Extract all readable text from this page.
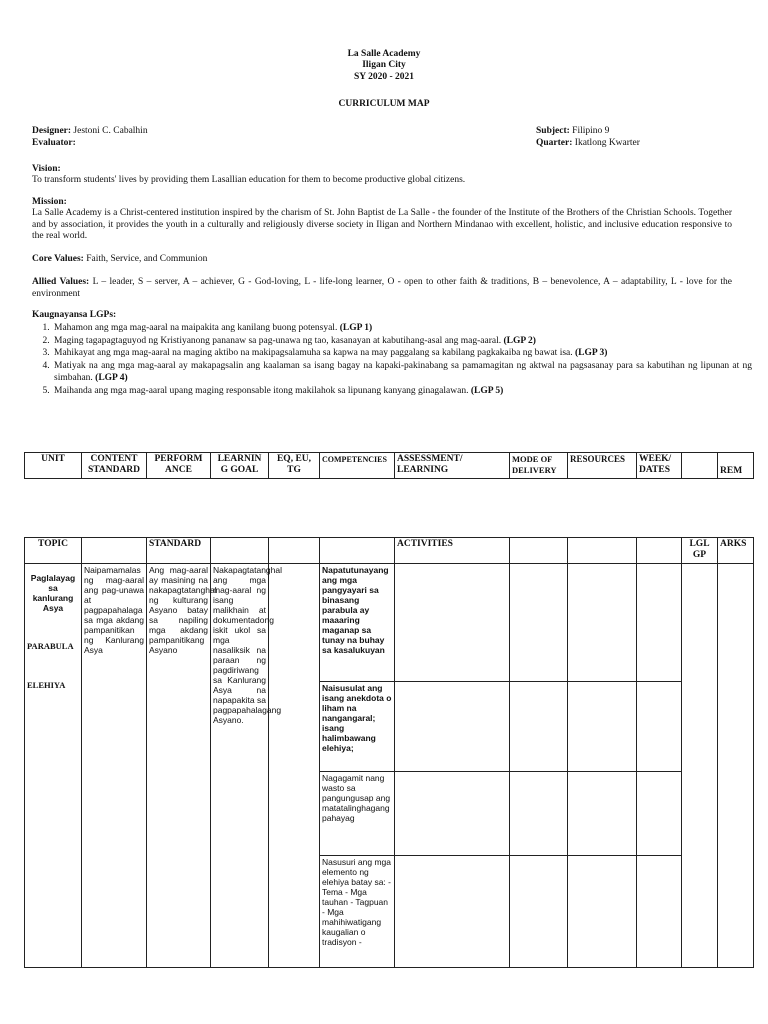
La Salle Academy
Iligan City
SY 2020 - 2021
CURRICULUM MAP
Designer: Jestoni C. Cabalhin
Evaluator:
Subject: Filipino 9
Quarter: Ikatlong Kwarter
Vision:
To transform students' lives by providing them Lasallian education for them to become productive global citizens.
Mission:
La Salle Academy is a Christ-centered institution inspired by the charism of St. John Baptist de La Salle - the founder of the Institute of the Brothers of the Christian Schools. Together and by association, it provides the youth in a culturally and religiously diverse society in Iligan and Northern Mindanao with excellent, holistic, and inclusive education responsive to the real world.
Core Values: Faith, Service, and Communion
Allied Values: L – leader, S – server, A – achiever, G - God-loving, L - life-long learner, O - open to other faith & traditions, B – benevolence, A – adaptability, L - love for the environment
Kaugnayansa LGPs:
1. Mahamon ang mga mag-aaral na maipakita ang kanilang buong potensyal. (LGP 1)
2. Maging tagapagtaguyod ng Kristiyanong pananaw sa pag-unawa ng tao, kasanayan at kabutihang-asal ang mag-aaral. (LGP 2)
3. Mahikayat ang mga mag-aaral na maging aktibo na makipagsalamuha sa kapwa na may paggalang sa kabilang pagkakaiba ng bawat isa. (LGP 3)
4. Matiyak na ang mga mag-aaral ay makapagsalin ang kaalaman sa isang bagay na kapaki-pakinabang sa pamamagitan ng aktwal na pagsasanay para sa kabutihan ng lipunan at ng simbahan. (LGP 4)
5. Maihanda ang mga mag-aaral upang maging responsable itong makilahok sa lipunang kanyang ginagalawan. (LGP 5)
UNIT	CONTENT STANDARD	PERFORM ANCE	LEARNIN G GOAL	EQ, EU, TG	COMPETENCIES	ASSESSMENT/ LEARNING	MODE OF DELIVERY	RESOURCES	WEEK/ DATES		REM
TOPIC		STANDARD				ACTIVITIES				LGL GP	ARKS

Paglalayag sa kanlurang Asya
PARABULA
ELEHIYA	Naipamamalas ng mag-aaral ang pag-unawa at pagpapahalaga sa mga akdang pampanitikan ng Kanlurang Asya	Ang mag-aaral ay masining na nakapagtatanghal ng kulturang Asyano batay sa napiling mga akdang pampanitikang Asyano	Nakapagtatanghal ang mga mag-aaral ng isang malikhain at dokumentadong iskit ukol sa mga nasaliksik na paraan ng pagdiriwang sa Kanlurang Asya na napapakita sa pagpapahalagang Asyano.		Napatutunayang ang mga pangyayari sa binasang parabula ay maaaring maganap sa tunay na buhay sa kasalukuyan						
					Naisusulat ang isang anekdota o liham na nangangaral; isang halimbawang elehiya;						
					Nagagamit nang wasto sa pangungusap ang matatalinghagang pahayag						
					Nasusuri ang mga elemento ng elehiya batay sa: - Tema - Mga tauhan - Tagpuan - Mga mahihiwatigang kaugalian o tradisyon -						
